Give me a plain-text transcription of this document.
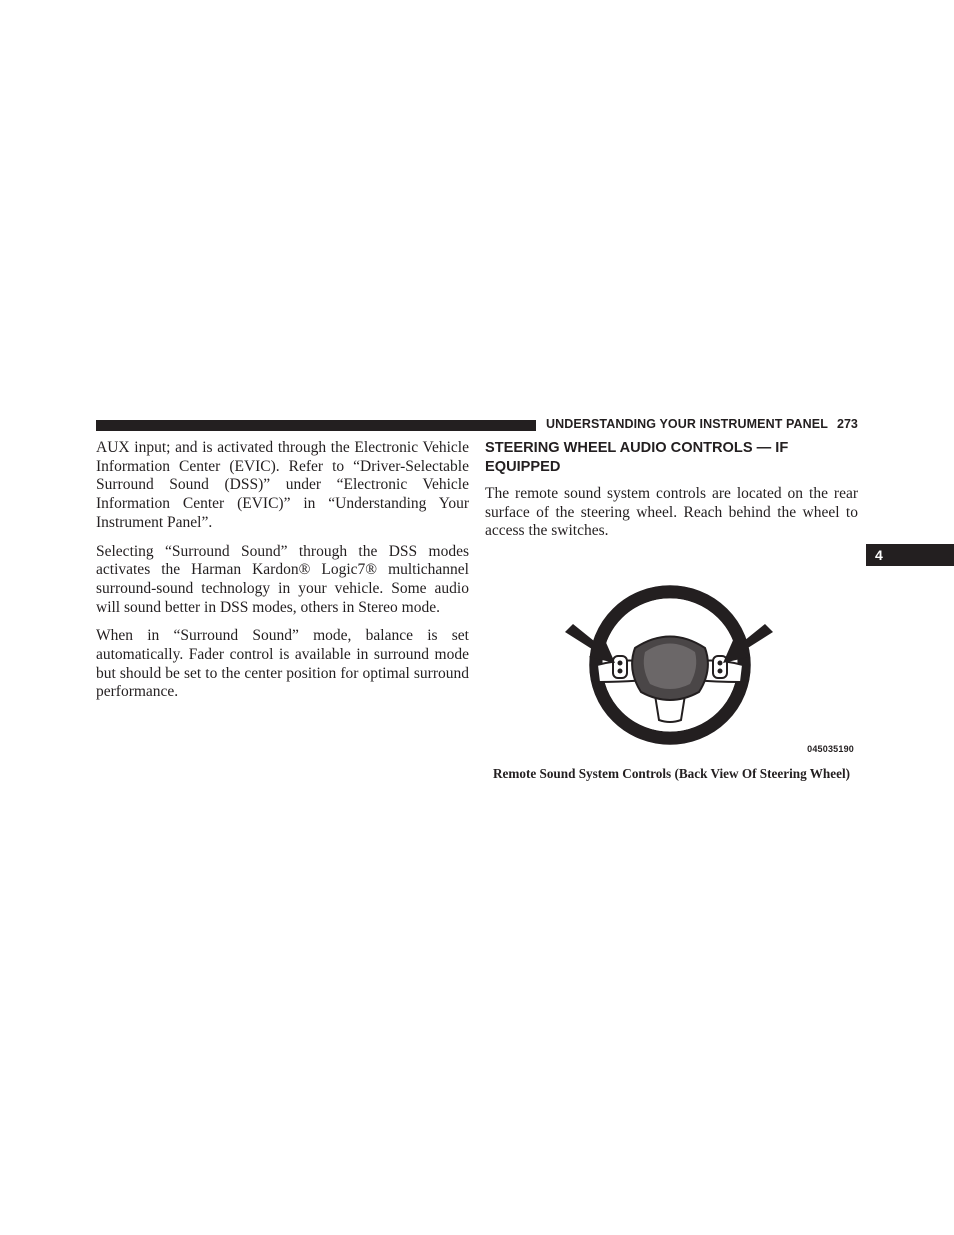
UNDERSTANDING YOUR INSTRUMENT PANEL 273
4

AUX input; and is activated through the Electronic Vehicle Information Center (EVIC). Refer to “Driver-Selectable Surround Sound (DSS)” under “Electronic Vehicle Information Center (EVIC)” in “Understanding Your Instrument Panel”.

Selecting “Surround Sound” through the DSS modes activates the Harman Kardon® Logic7® multichannel surround-sound technology in your vehicle. Some audio will sound better in DSS modes, others in Stereo mode.

When in “Surround Sound” mode, balance is set automatically. Fader control is available in surround mode but should be set to the center position for optimal surround performance.

STEERING WHEEL AUDIO CONTROLS — IF EQUIPPED

The remote sound system controls are located on the rear surface of the steering wheel. Reach behind the wheel to access the switches.

045035190
Remote Sound System Controls (Back View Of Steering Wheel)
